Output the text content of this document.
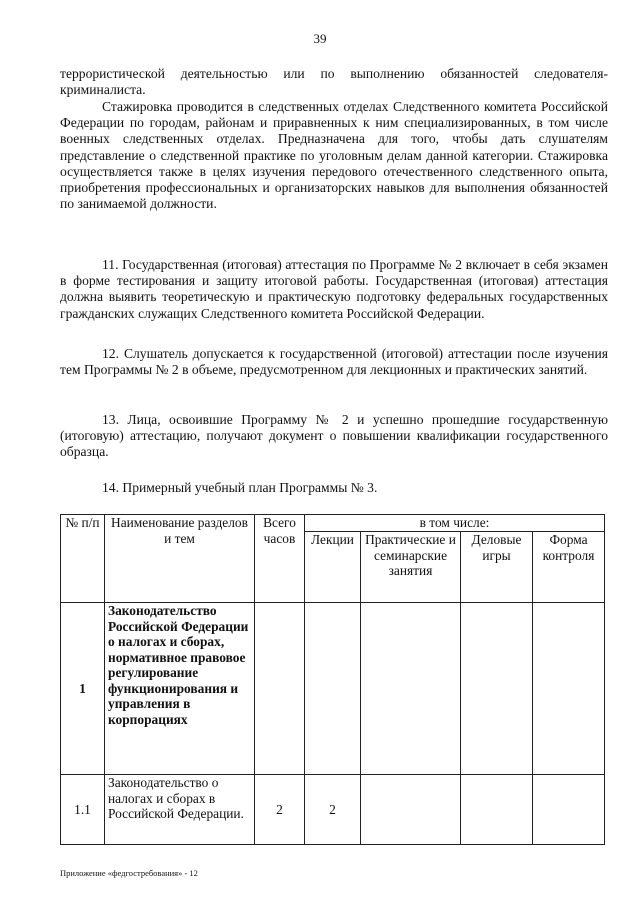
39

террористической деятельностью или по выполнению обязанностей следователя-криминалиста.

Стажировка проводится в следственных отделах Следственного комитета Российской Федерации по городам, районам и приравненных к ним специализированных, в том числе военных следственных отделах. Предназначена для того, чтобы дать слушателям представление о следственной практике по уголовным делам данной категории. Стажировка осуществляется также в целях изучения передового отечественного следственного опыта, приобретения профессиональных и организаторских навыков для выполнения обязанностей по занимаемой должности.

11. Государственная (итоговая) аттестация по Программе № 2 включает в себя экзамен в форме тестирования и защиту итоговой работы. Государственная (итоговая) аттестация должна выявить теоретическую и практическую подготовку федеральных государственных гражданских служащих Следственного комитета Российской Федерации.

12. Слушатель допускается к государственной (итоговой) аттестации после изучения тем Программы № 2 в объеме, предусмотренном для лекционных и практических занятий.

13. Лица, освоившие Программу № 2 и успешно прошедшие государственную (итоговую) аттестацию, получают документ о повышении квалификации государственного образца.

14. Примерный учебный план Программы № 3.

№ п/п	Наименование разделов и тем	Всего часов	в том числе:			
			Лекции	Практические и семинарские занятия	Деловые игры	Форма контроля
1	Законодательство Российской Федерации о налогах и сборах, нормативное правовое регулирование функционирования и управления в корпорациях					
1.1	Законодательство о налогах и сборах в Российской Федерации.	2	2			
Приложение «федгостребования» - 12
